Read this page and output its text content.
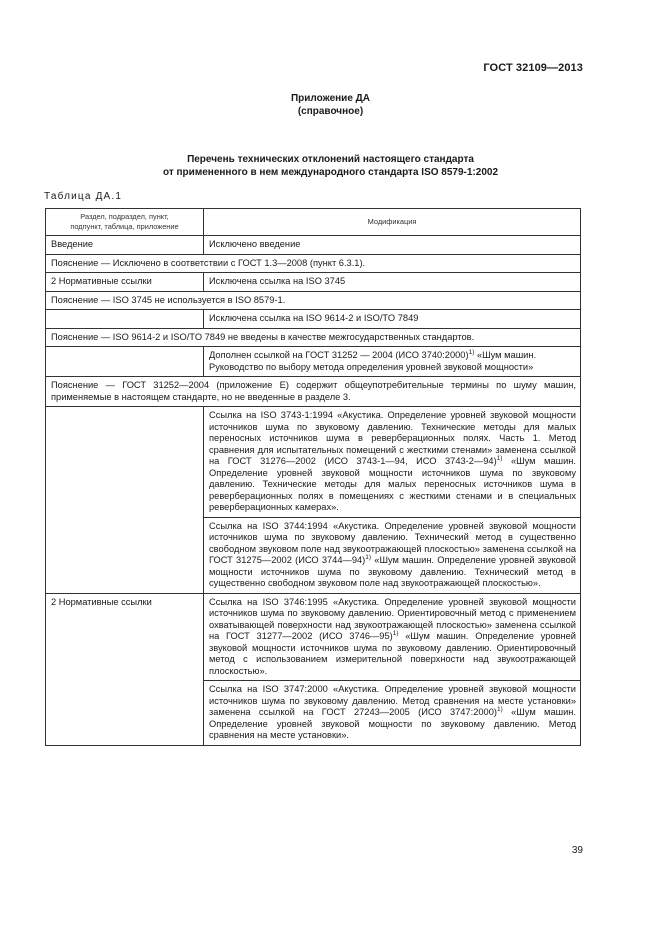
ГОСТ 32109—2013
Приложение ДА
(справочное)
Перечень технических отклонений настоящего стандарта
от примененного в нем международного стандарта ISO 8579-1:2002
Таблица ДА.1
Раздел, подраздел, пункт,
подпункт, таблица, приложение	Модификация
Введение	Исключено введение
Пояснение — Исключено в соответствии с ГОСТ 1.3—2008 (пункт 6.3.1).	
2 Нормативные ссылки	Исключена ссылка на ISO 3745
Пояснение — ISO 3745 не используется в ISO 8579-1.	
	Исключена ссылка на ISO 9614-2 и ISO/TO 7849
Пояснение — ISO 9614-2 и ISO/TO 7849 не введены в качестве межгосударственных стандартов.	
	Дополнен ссылкой на ГОСТ 31252 — 2004 (ИСО 3740:2000)$^{1)}$ «Шум машин. Руководство по выбору метода определения уровней звуковой мощности»
Пояснение — ГОСТ 31252—2004 (приложение Е) содержит общеупотребительные термины по шуму машин, применяемые в настоящем стандарте, но не введенные в разделе 3.	
	Ссылка на ISO 3743-1:1994 «Акустика. Определение уровней звуковой мощности источников шума по звуковому давлению. Технические методы для малых переносных источников шума в реверберационных полях. Часть 1. Метод сравнения для испытательных помещений с жесткими стенами» заменена ссылкой на ГОСТ 31276—2002 (ИСО 3743-1—94, ИСО 3743-2—94)$^{1)}$ «Шум машин. Определение уровней звуковой мощности источников шума по звуковому давлению. Технические методы для малых переносных источников шума в реверберационных полях в помещениях с жесткими стенами и в специальных реверберационных камерах».
	Ссылка на ISO 3744:1994 «Акустика. Определение уровней звуковой мощности источников шума по звуковому давлению. Технический метод в существенно свободном звуковом поле над звукоотражающей плоскостью» заменена ссылкой на ГОСТ 31275—2002 (ИСО 3744—94)$^{1)}$ «Шум машин. Определение уровней звуковой мощности источников шума по звуковому давлению. Технический метод в существенно свободном звуковом поле над звукоотражающей плоскостью».
2 Нормативные ссылки	Ссылка на ISO 3746:1995 «Акустика. Определение уровней звуковой мощности источников шума по звуковому давлению. Ориентировочный метод с применением охватывающей поверхности над звукоотражающей плоскостью» заменена ссылкой на ГОСТ 31277—2002 (ИСО 3746—95)$^{1)}$ «Шум машин. Определение уровней звуковой мощности источников шума по звуковому давлению. Ориентировочный метод с использованием измерительной поверхности над звукоотражающей плоскостью».
	Ссылка на ISO 3747:2000 «Акустика. Определение уровней звуковой мощности источников шума по звуковому давлению. Метод сравнения на месте установки» заменена ссылкой на ГОСТ 27243—2005 (ИСО 3747:2000)$^{1)}$ «Шум машин. Определение уровней звуковой мощности по звуковому давлению. Метод сравнения на месте установки».
39
